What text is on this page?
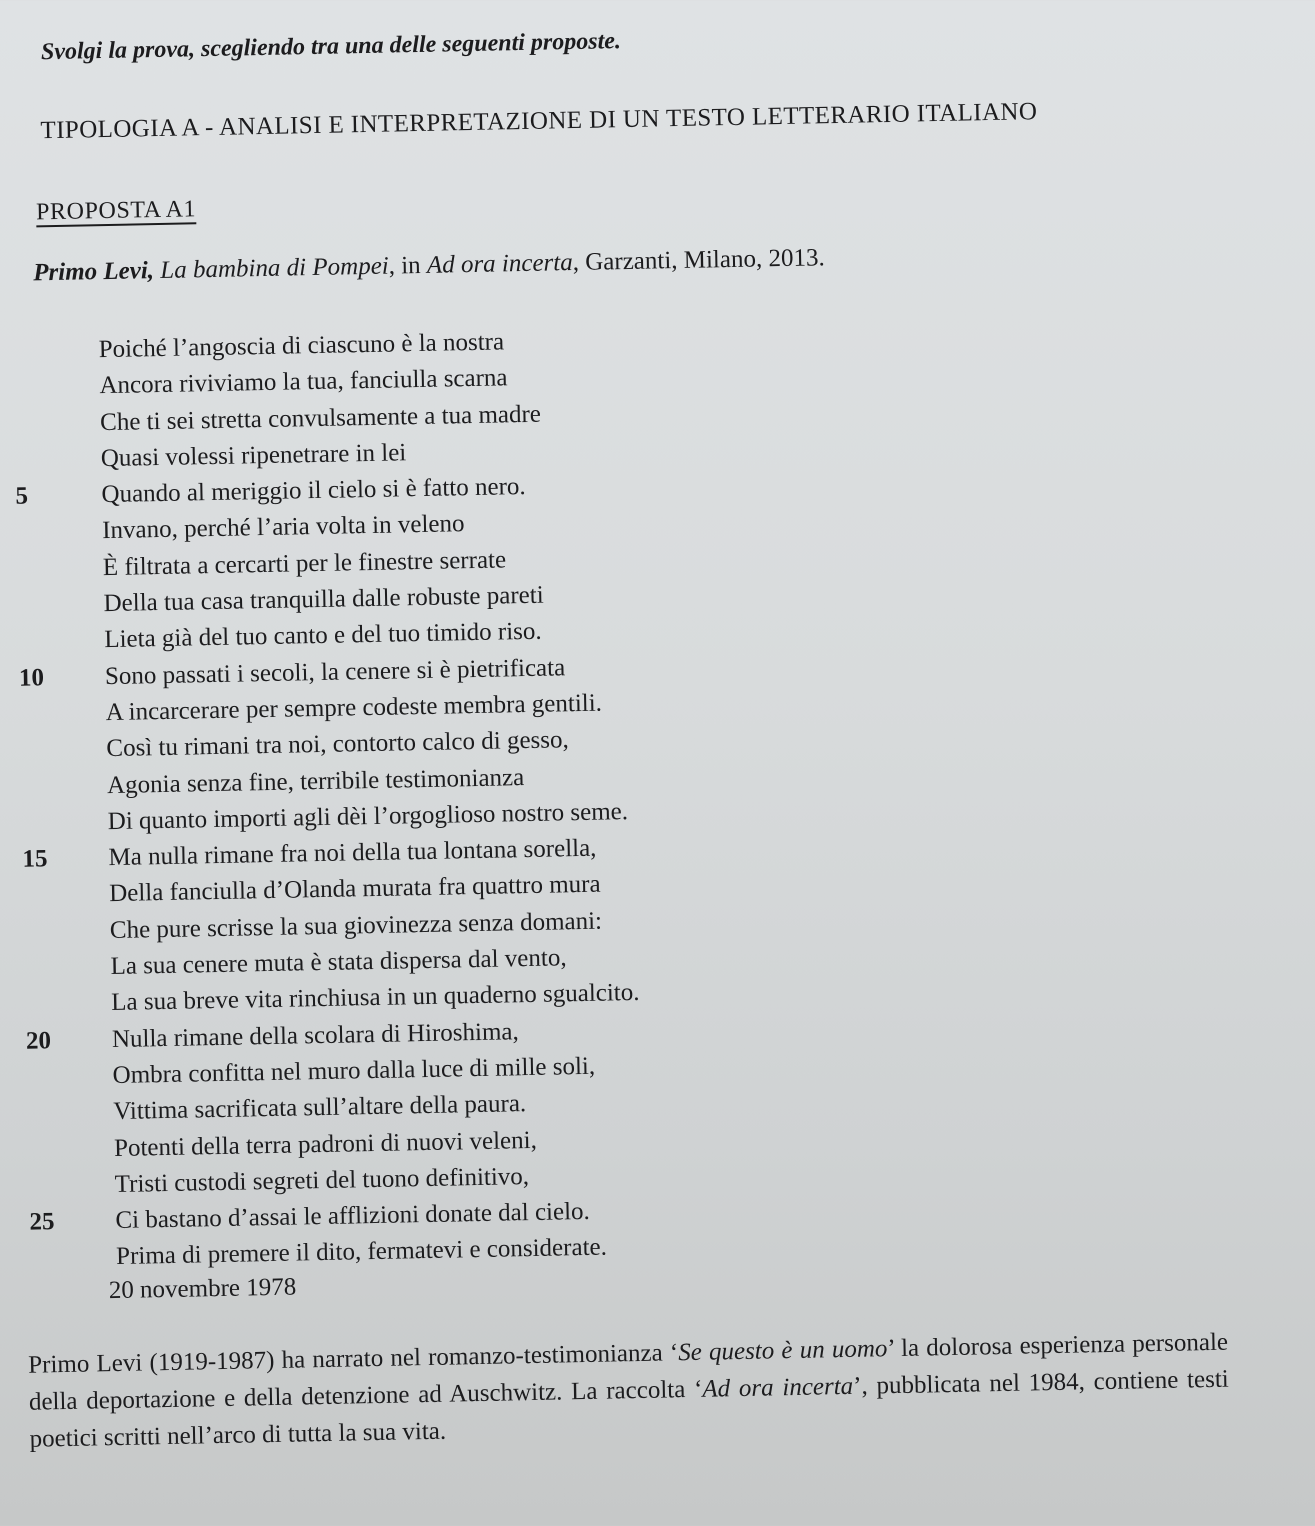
Svolgi la prova, scegliendo tra una delle seguenti proposte.
TIPOLOGIA A - ANALISI E INTERPRETAZIONE DI UN TESTO LETTERARIO ITALIANO
PROPOSTA A1
Primo Levi, La bambina di Pompei, in Ad ora incerta, Garzanti, Milano, 2013.
Poiché l’angoscia di ciascuno è la nostra
Ancora riviviamo la tua, fanciulla scarna
Che ti sei stretta convulsamente a tua madre
Quasi volessi ripenetrare in lei
5	Quando al meriggio il cielo si è fatto nero.
Invano, perché l’aria volta in veleno
È filtrata a cercarti per le finestre serrate
Della tua casa tranquilla dalle robuste pareti
Lieta già del tuo canto e del tuo timido riso.
10	Sono passati i secoli, la cenere si è pietrificata
A incarcerare per sempre codeste membra gentili.
Così tu rimani tra noi, contorto calco di gesso,
Agonia senza fine, terribile testimonianza
Di quanto importi agli dèi l’orgoglioso nostro seme.
15	Ma nulla rimane fra noi della tua lontana sorella,
Della fanciulla d’Olanda murata fra quattro mura
Che pure scrisse la sua giovinezza senza domani:
La sua cenere muta è stata dispersa dal vento,
La sua breve vita rinchiusa in un quaderno sgualcito.
20	Nulla rimane della scolara di Hiroshima,
Ombra confitta nel muro dalla luce di mille soli,
Vittima sacrificata sull’altare della paura.
Potenti della terra padroni di nuovi veleni,
Tristi custodi segreti del tuono definitivo,
25	Ci bastano d’assai le afflizioni donate dal cielo.
Prima di premere il dito, fermatevi e considerate.
20 novembre 1978
Primo Levi (1919-1987) ha narrato nel romanzo-testimonianza ‘Se questo è un uomo’ la dolorosa esperienza personale della deportazione e della detenzione ad Auschwitz. La raccolta ‘Ad ora incerta’, pubblicata nel 1984, contiene testi poetici scritti nell’arco di tutta la sua vita.
